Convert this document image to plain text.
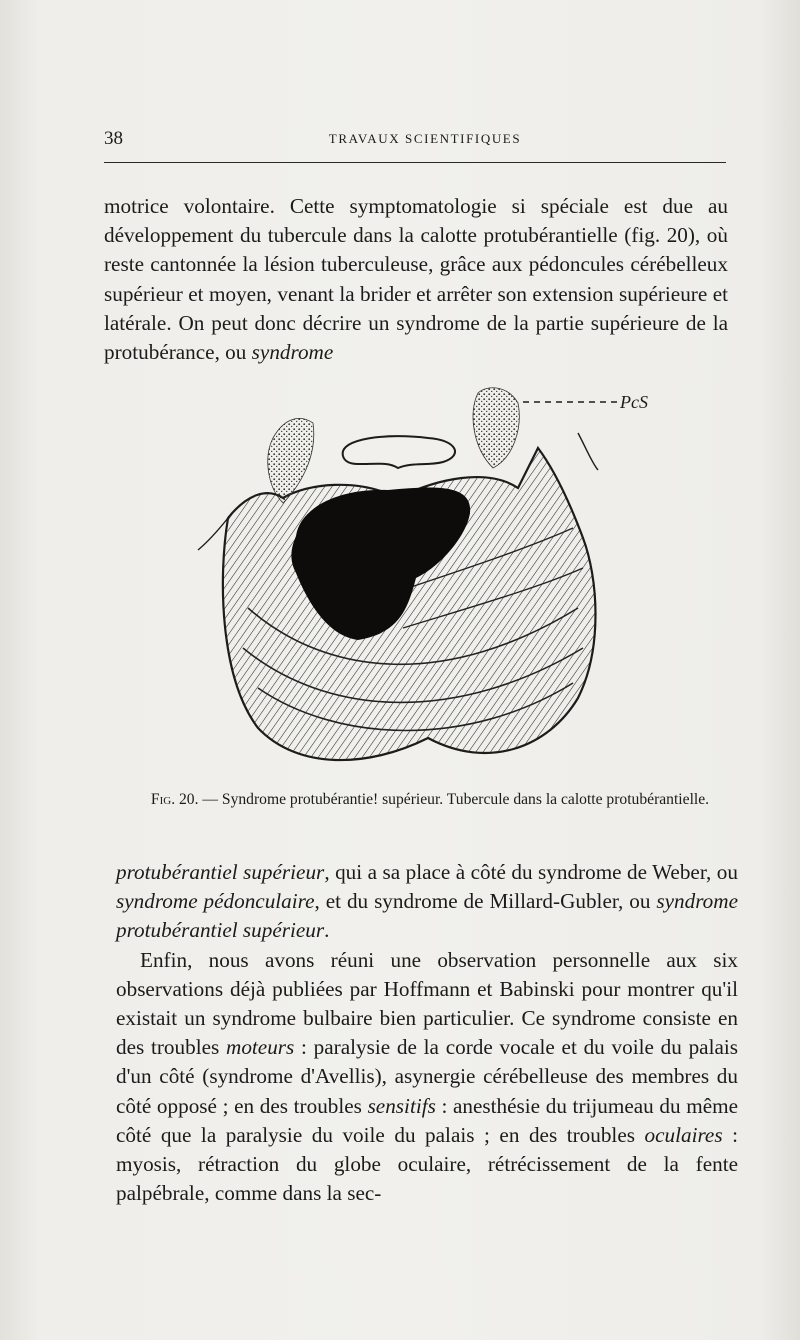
38	TRAVAUX SCIENTIFIQUES

motrice volontaire. Cette symptomatologie si spéciale est due au développement du tubercule dans la calotte protubérantielle (fig. 20), où reste cantonnée la lésion tuberculeuse, grâce aux pédoncules cérébelleux supérieur et moyen, venant la brider et arrêter son extension supérieure et latérale. On peut donc décrire un syndrome de la partie supérieure de la protubérance, ou syndrome

PcS
Fig. 20. — Syndrome protubérantie! supérieur. Tubercule dans la calotte protubérantielle.
protubérantiel supérieur, qui a sa place à côté du syndrome de Weber, ou syndrome pédonculaire, et du syndrome de Millard-Gubler, ou syndrome protubérantiel supérieur.
Enfin, nous avons réuni une observation personnelle aux six observations déjà publiées par Hoffmann et Babinski pour montrer qu'il existait un syndrome bulbaire bien particulier. Ce syndrome consiste en des troubles moteurs : paralysie de la corde vocale et du voile du palais d'un côté (syndrome d'Avellis), asynergie cérébelleuse des membres du côté opposé ; en des troubles sensitifs : anesthésie du trijumeau du même côté que la paralysie du voile du palais ; en des troubles oculaires : myosis, rétraction du globe oculaire, rétrécissement de la fente palpébrale, comme dans la sec-
